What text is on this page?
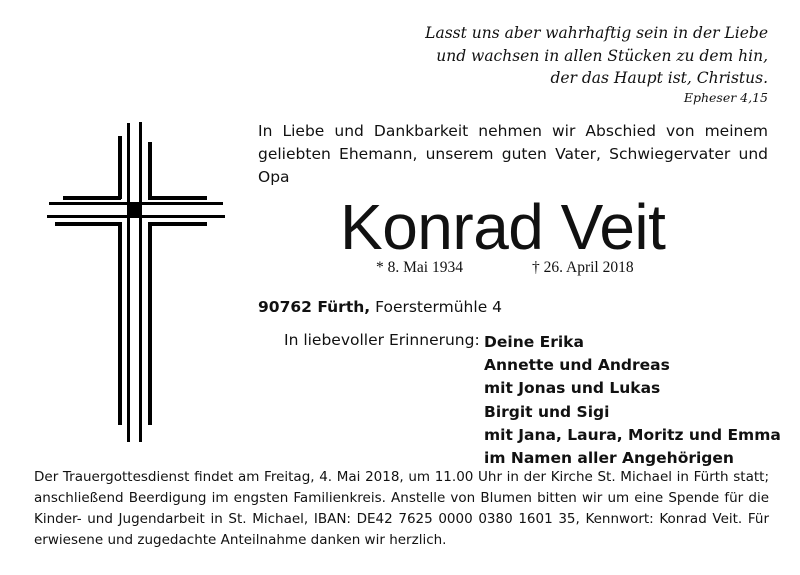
Lasst uns aber wahrhaftig sein in der Liebe
und wachsen in allen Stücken zu dem hin,
der das Haupt ist, Christus.
Epheser 4,15
In Liebe und Dankbarkeit nehmen wir Abschied von meinem geliebten Ehemann, unserem guten Vater, Schwiegervater und Opa
Konrad Veit
* 8. Mai 1934	† 26. April 2018
90762 Fürth, Foerstermühle 4
In liebevoller Erinnerung: Deine Erika
Annette und Andreas
mit Jonas und Lukas
Birgit und Sigi
mit Jana, Laura, Moritz und Emma
im Namen aller Angehörigen
Der Trauergottesdienst findet am Freitag, 4. Mai 2018, um 11.00 Uhr in der Kirche St. Michael in Fürth statt; anschließend Beerdigung im engsten Familienkreis. Anstelle von Blumen bitten wir um eine Spende für die Kinder- und Jugendarbeit in St. Michael, IBAN: DE42 7625 0000 0380 1601 35, Kennwort: Konrad Veit. Für erwiesene und zugedachte Anteilnahme danken wir herzlich.
